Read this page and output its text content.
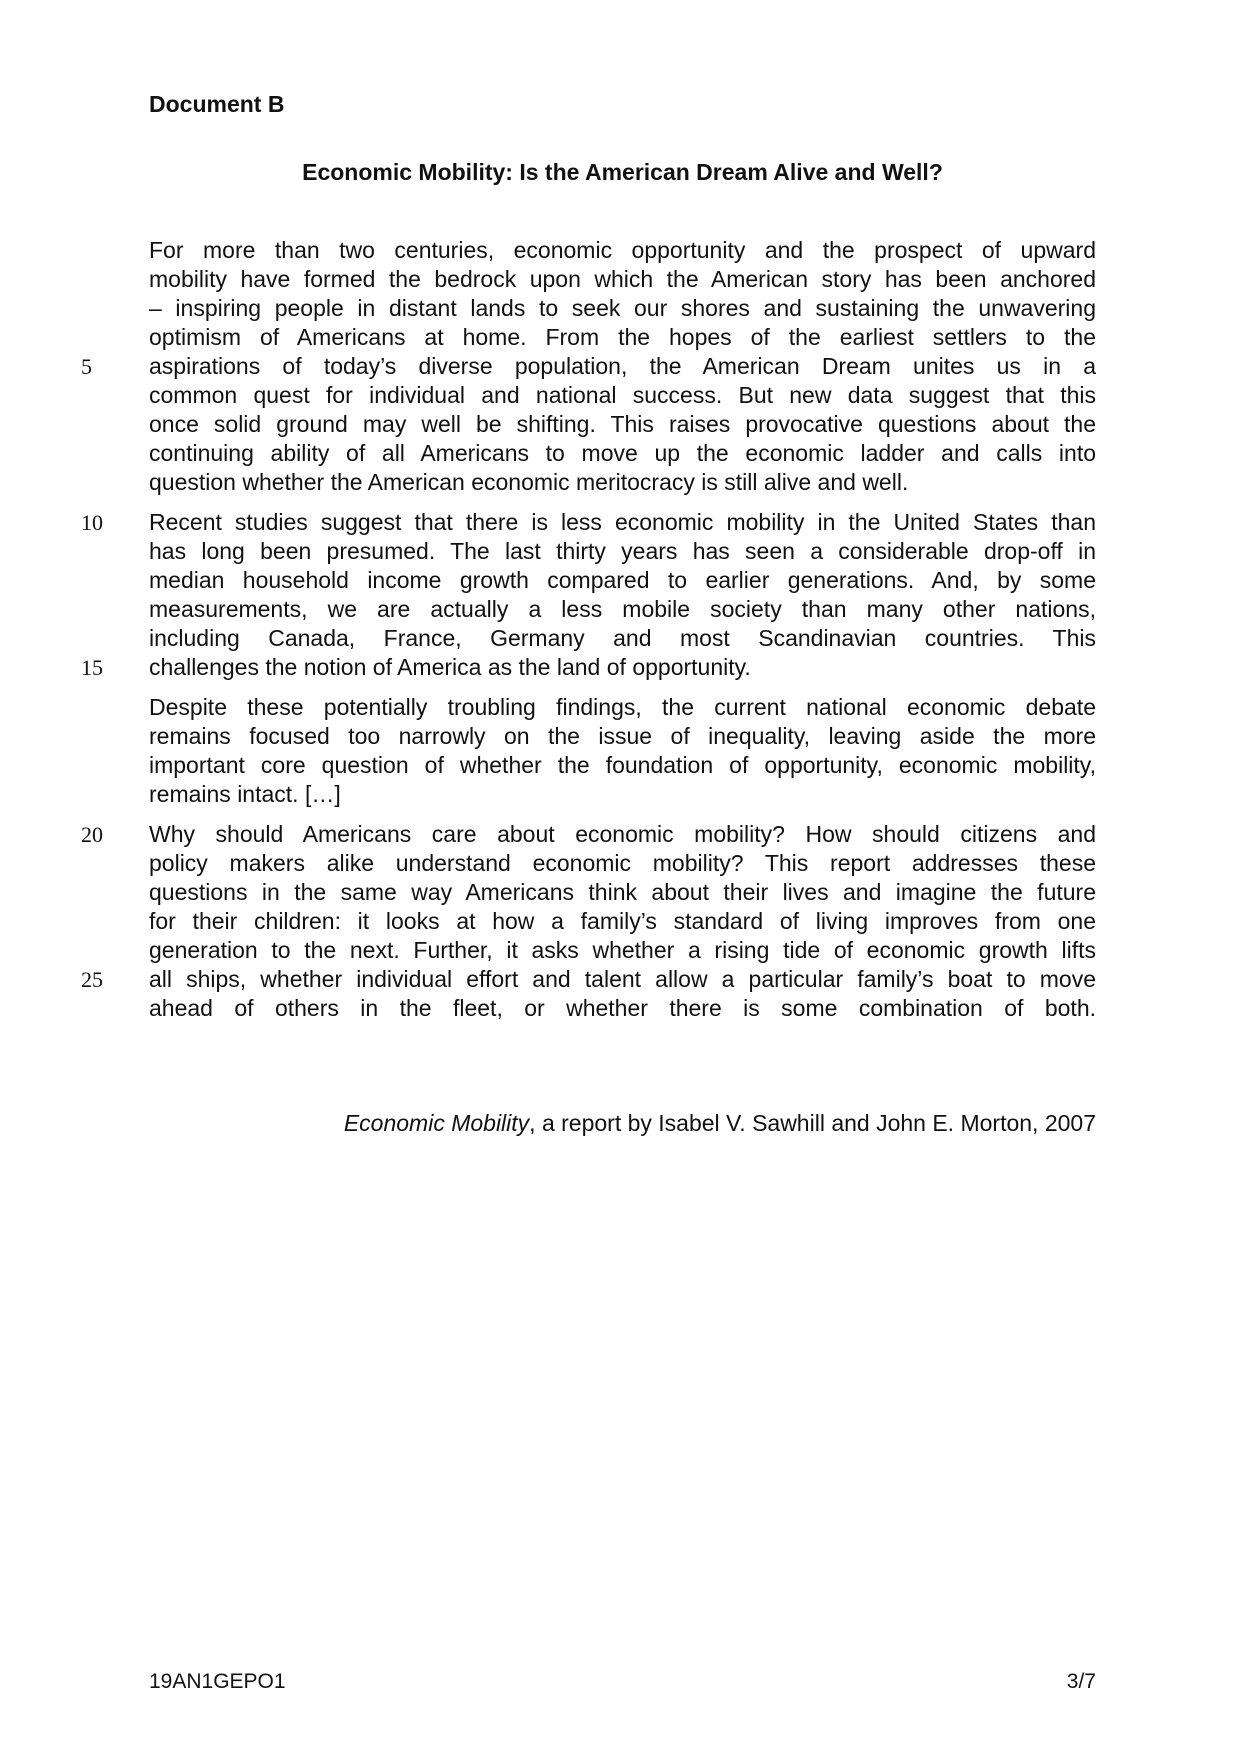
Document B
Economic Mobility: Is the American Dream Alive and Well?
For more than two centuries, economic opportunity and the prospect of upward
mobility have formed the bedrock upon which the American story has been anchored
– inspiring people in distant lands to seek our shores and sustaining the unwavering
optimism of Americans at home. From the hopes of the earliest settlers to the
5	aspirations of today’s diverse population, the American Dream unites us in a
common quest for individual and national success. But new data suggest that this
once solid ground may well be shifting. This raises provocative questions about the
continuing ability of all Americans to move up the economic ladder and calls into
question whether the American economic meritocracy is still alive and well.
10	Recent studies suggest that there is less economic mobility in the United States than
has long been presumed. The last thirty years has seen a considerable drop-off in
median household income growth compared to earlier generations. And, by some
measurements, we are actually a less mobile society than many other nations,
including Canada, France, Germany and most Scandinavian countries. This
15	challenges the notion of America as the land of opportunity.
Despite these potentially troubling findings, the current national economic debate
remains focused too narrowly on the issue of inequality, leaving aside the more
important core question of whether the foundation of opportunity, economic mobility,
remains intact. […]
20	Why should Americans care about economic mobility? How should citizens and
policy makers alike understand economic mobility? This report addresses these
questions in the same way Americans think about their lives and imagine the future
for their children: it looks at how a family’s standard of living improves from one
generation to the next. Further, it asks whether a rising tide of economic growth lifts
25	all ships, whether individual effort and talent allow a particular family’s boat to move
ahead of others in the fleet, or whether there is some combination of both.
Economic Mobility, a report by Isabel V. Sawhill and John E. Morton, 2007
19AN1GEPO1	3/7
